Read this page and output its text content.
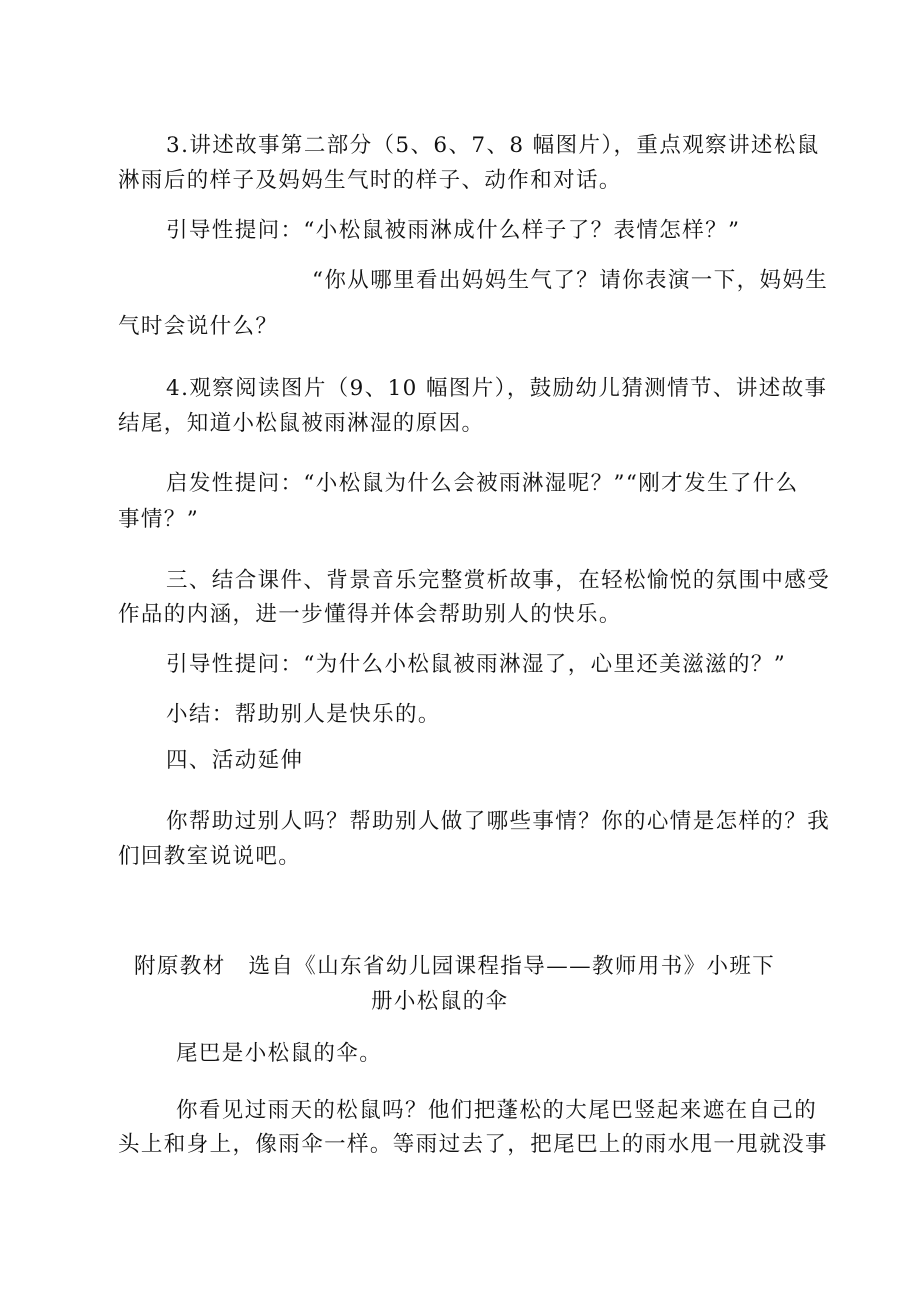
3.讲述故事第二部分（5、6、7、8 幅图片），重点观察讲述松鼠

淋雨后的样子及妈妈生气时的样子、动作和对话。

引导性提问：“小松鼠被雨淋成什么样子了？表情怎样？”

“你从哪里看出妈妈生气了？请你表演一下，妈妈生

气时会说什么？

4.观察阅读图片（9、10 幅图片），鼓励幼儿猜测情节、讲述故事

结尾，知道小松鼠被雨淋湿的原因。

启发性提问：“小松鼠为什么会被雨淋湿呢？”“刚才发生了什么

事情？”

三、结合课件、背景音乐完整赏析故事，在轻松愉悦的氛围中感受

作品的内涵，进一步懂得并体会帮助别人的快乐。

引导性提问：“为什么小松鼠被雨淋湿了，心里还美滋滋的？”

小结：帮助别人是快乐的。

四、活动延伸

你帮助过别人吗？帮助别人做了哪些事情？你的心情是怎样的？我

们回教室说说吧。

附原教材　选自《山东省幼儿园课程指导——教师用书》小班下

册小松鼠的伞

尾巴是小松鼠的伞。

你看见过雨天的松鼠吗？他们把蓬松的大尾巴竖起来遮在自己的

头上和身上，像雨伞一样。等雨过去了，把尾巴上的雨水甩一甩就没事
